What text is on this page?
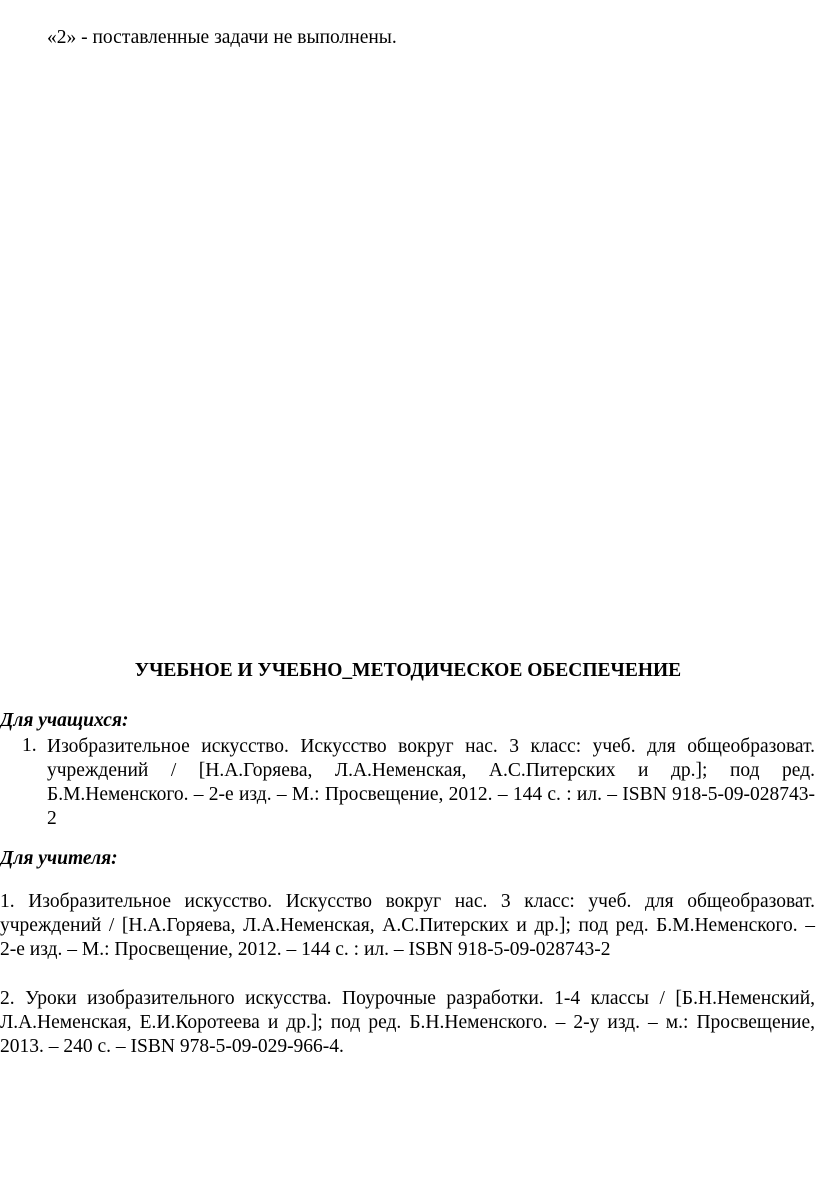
«2» - поставленные задачи не выполнены.

УЧЕБНОЕ И УЧЕБНО_МЕТОДИЧЕСКОЕ ОБЕСПЕЧЕНИЕ

Для учащихся:

1. Изобразительное искусство. Искусство вокруг нас. 3 класс: учеб. для общеобразоват.
учреждений / [Н.А.Горяева, Л.А.Неменская, А.С.Питерских и др.]; под ред.
Б.М.Неменского. – 2-е изд. – М.: Просвещение, 2012. – 144 с. : ил. – ISBN 918-5-09-028743-
2

Для учителя:

1. Изобразительное искусство. Искусство вокруг нас. 3 класс: учеб. для общеобразоват.
учреждений / [Н.А.Горяева, Л.А.Неменская, А.С.Питерских и др.]; под ред. Б.М.Неменского. –
2-е изд. – М.: Просвещение, 2012. – 144 с. : ил. – ISBN 918-5-09-028743-2
2. Уроки изобразительного искусства. Поурочные разработки. 1-4 классы / [Б.Н.Неменский,
Л.А.Неменская, Е.И.Коротеева и др.]; под ред. Б.Н.Неменского. – 2-у изд. – м.: Просвещение,
2013. – 240 с. – ISBN 978-5-09-029-966-4.
